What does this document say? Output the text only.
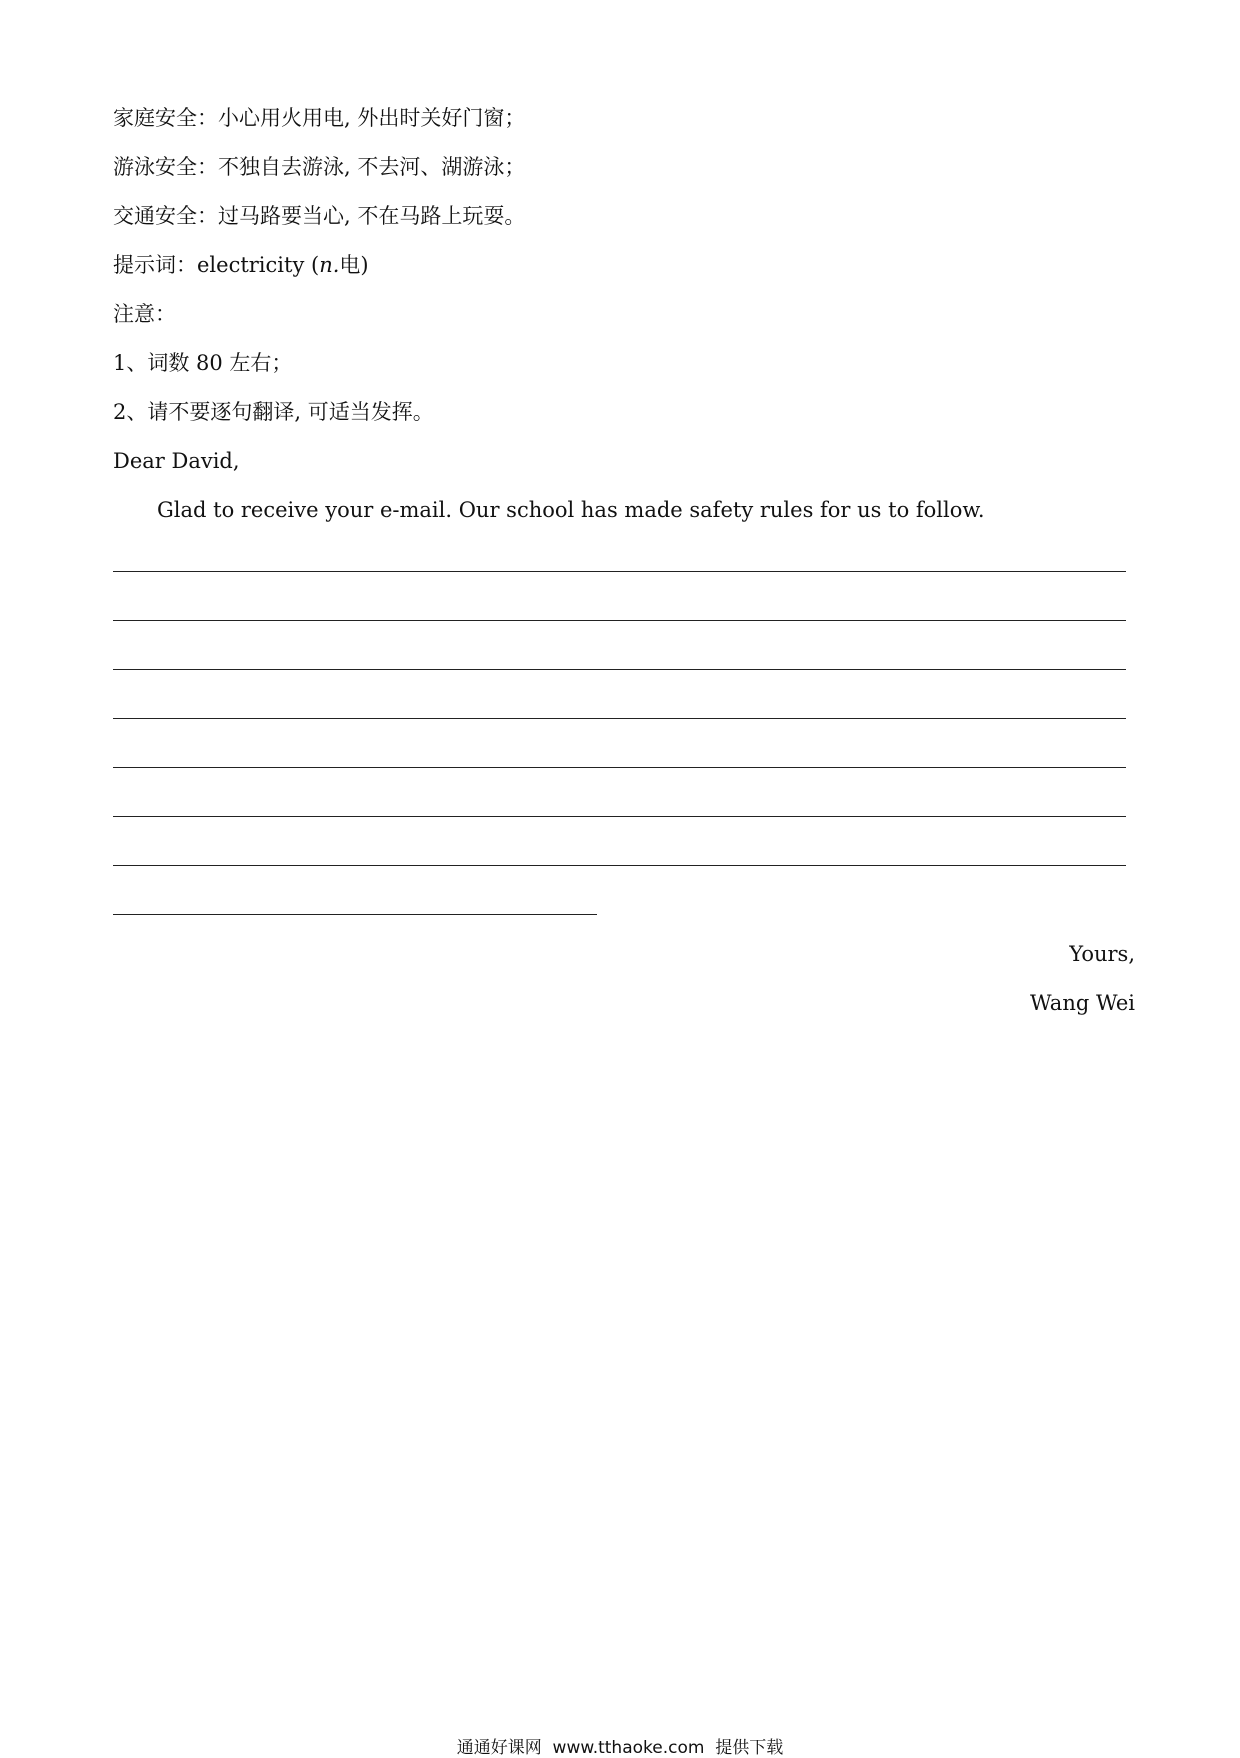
家庭安全：小心用火用电, 外出时关好门窗；
游泳安全：不独自去游泳, 不去河、湖游泳；
交通安全：过马路要当心, 不在马路上玩耍。
提示词：electricity (n.电)
注意：
1、词数 80 左右；
2、请不要逐句翻译, 可适当发挥。
Dear David,
Glad to receive your e-mail. Our school has made safety rules for us to follow.
Yours,
Wang Wei
通通好课网  www.tthaoke.com  提供下载
